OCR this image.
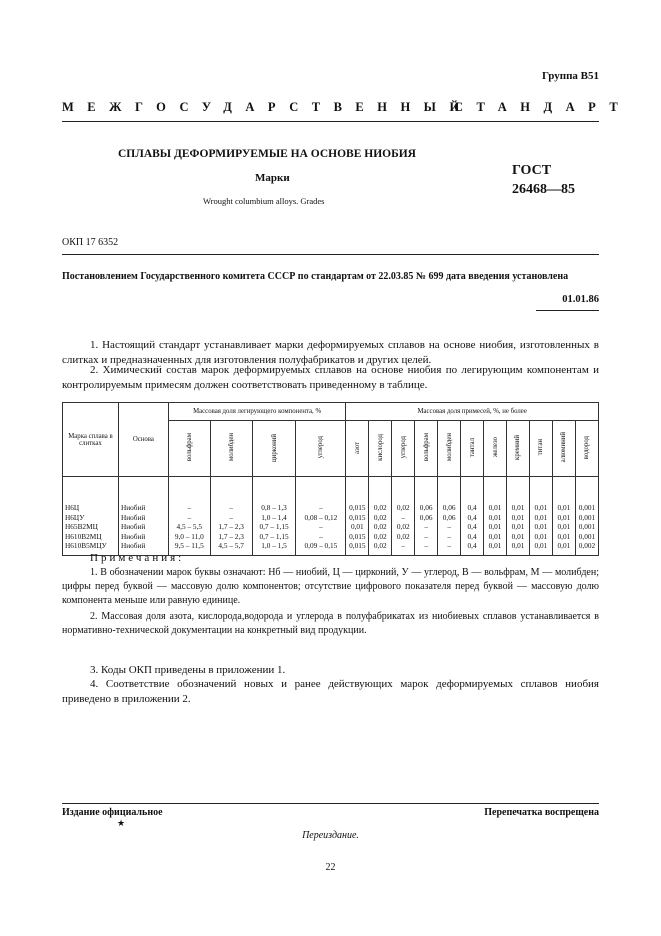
Группа В51
МЕЖГОСУДАРСТВЕННЫЙ
СТАНДАРТ
СПЛАВЫ ДЕФОРМИРУЕМЫЕ НА ОСНОВЕ НИОБИЯ
Марки
Wrought columbium alloys. Grades
ГОСТ
26468—85
ОКП 17 6352
Постановлением Государственного комитета СССР по стандартам от 22.03.85 № 699 дата введения установлена
01.01.86
1. Настоящий стандарт устанавливает марки деформируемых сплавов на основе ниобия, изготовленных в слитках и предназначенных для изготовления полуфабрикатов и других целей.
2. Химический состав марок деформируемых сплавов на основе ниобия по легирующим компонентам и контролируемым примесям должен соответствовать приведенному в таблице.
Марка сплава в слитках	Основа	Массовая доля легирующего компонента, %				Массовая доля примесей, %, не более										
		вольфрам	молибден	цирконий	углерод	азот	кислород	углерод	вольфрам	молибден	тантал	железо	кремний	титан	алюминий	водород
Н6Ц	Ниобий	–	–	0,8 – 1,3	–	0,015	0,02	0,02	0,06	0,06	0,4	0,01	0,01	0,01	0,01	0,001
Н6ЦУ	Ниобий	–	–	1,0 – 1,4	0,08 – 0,12	0,015	0,02	–	0,06	0,06	0,4	0,01	0,01	0,01	0,01	0,001
Н65В2МЦ	Ниобий	4,5 – 5,5	1,7 – 2,3	0,7 – 1,15	–	0,01	0,02	0,02	–	–	0,4	0,01	0,01	0,01	0,01	0,001
Н610В2МЦ	Ниобий	9,0 – 11,0	1,7 – 2,3	0,7 – 1,15	–	0,015	0,02	0,02	–	–	0,4	0,01	0,01	0,01	0,01	0,001
Н610В5МЦУ	Ниобий	9,5 – 11,5	4,5 – 5,7	1,0 – 1,5	0,09 – 0,15	0,015	0,02	–	–	–	0,4	0,01	0,01	0,01	0,01	0,002
Примечания:
1. В обозначении марок буквы означают: Нб — ниобий, Ц — цирконий, У — углерод, В — вольфрам, М — молибден; цифры перед буквой — массовую долю компонентов; отсутствие цифрового показателя перед буквой — массовую долю компонента меньше или равную единице.
2. Массовая доля азота, кислорода,водорода и углерода в полуфабрикатах из ниобиевых сплавов устанавливается в нормативно-технической документации на конкретный вид продукции.
3. Коды ОКП приведены в приложении 1.
4. Соответствие обозначений новых и ранее действующих марок деформируемых сплавов ниобия приведено в приложении 2.
Издание официальное	Перепечатка воспрещена
★
Переиздание.
22
